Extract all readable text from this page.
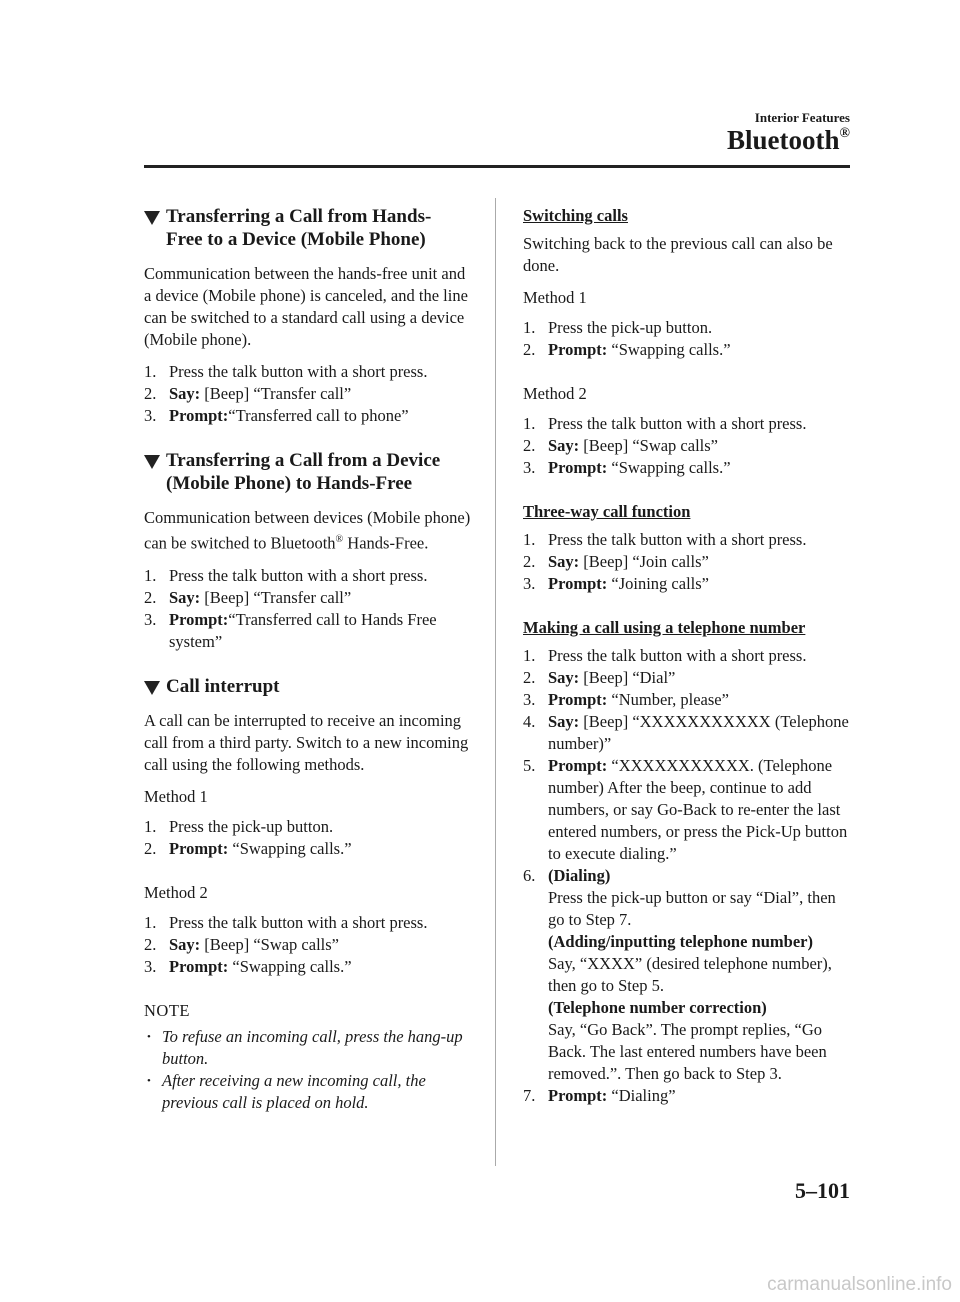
Interior Features
Bluetooth®
Transferring a Call from Hands-
Free to a Device (Mobile Phone)

Communication between the hands-free unit and a device (Mobile phone) is canceled, and the line can be switched to a standard call using a device (Mobile phone).

1. Press the talk button with a short press.
2. Say: [Beep] “Transfer call”
3. Prompt:“Transferred call to phone”
Transferring a Call from a Device
(Mobile Phone) to Hands-Free

Communication between devices (Mobile phone) can be switched to Bluetooth® Hands-Free.

1. Press the talk button with a short press.
2. Say: [Beep] “Transfer call”
3. Prompt:“Transferred call to Hands Free system”
Call interrupt

A call can be interrupted to receive an incoming call from a third party. Switch to a new incoming call using the following methods.

Method 1

1. Press the pick-up button.
2. Prompt: “Swapping calls.”

Method 2

1. Press the talk button with a short press.
2. Say: [Beep] “Swap calls”
3. Prompt: “Swapping calls.”

NOTE

• To refuse an incoming call, press the hang-up button.
• After receiving a new incoming call, the previous call is placed on hold.

Switching calls

Switching back to the previous call can also be done.

Method 1

1. Press the pick-up button.
2. Prompt: “Swapping calls.”

Method 2

1. Press the talk button with a short press.
2. Say: [Beep] “Swap calls”
3. Prompt: “Swapping calls.”

Three-way call function

1. Press the talk button with a short press.
2. Say: [Beep] “Join calls”
3. Prompt: “Joining calls”

Making a call using a telephone number

1. Press the talk button with a short press.
2. Say: [Beep] “Dial”
3. Prompt: “Number, please”
4. Say: [Beep] “XXXXXXXXXXX (Telephone number)”
5. Prompt: “XXXXXXXXXXX. (Telephone number) After the beep, continue to add numbers, or say Go-Back to re-enter the last entered numbers, or press the Pick-Up button to execute dialing.”
6. (Dialing)
Press the pick-up button or say “Dial”, then go to Step 7.
(Adding/inputting telephone number)
Say, “XXXX” (desired telephone number), then go to Step 5.
(Telephone number correction)
Say, “Go Back”. The prompt replies, “Go Back. The last entered numbers have been removed.”. Then go back to Step 3.
7. Prompt: “Dialing”
5–101
carmanualsonline.info
